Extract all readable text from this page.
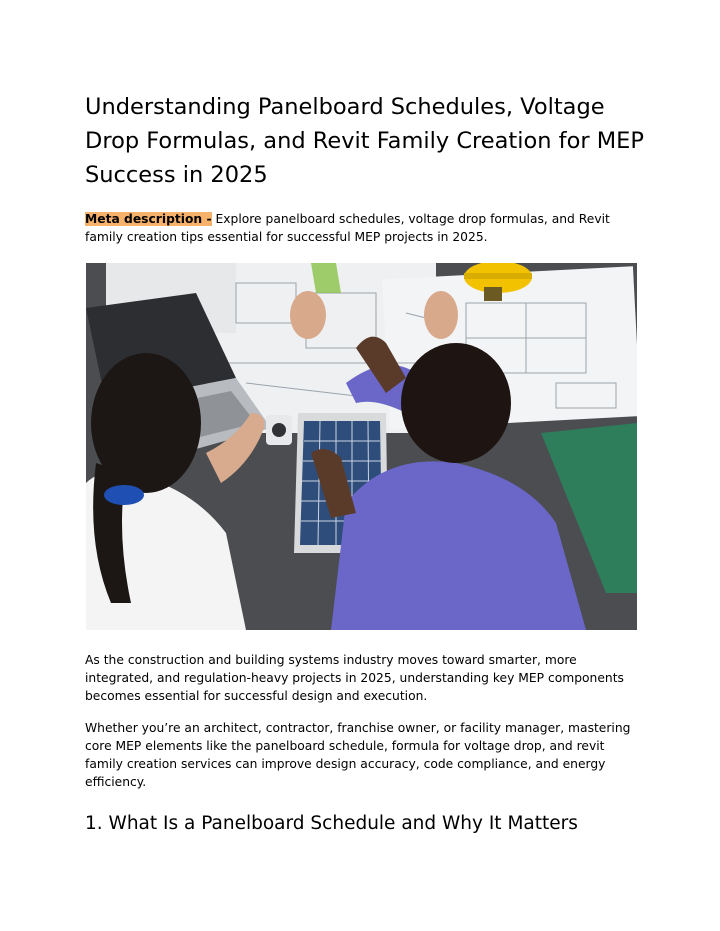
Understanding Panelboard Schedules, Voltage Drop Formulas, and Revit Family Creation for MEP Success in 2025

Meta description - Explore panelboard schedules, voltage drop formulas, and Revit family creation tips essential for successful MEP projects in 2025.

As the construction and building systems industry moves toward smarter, more integrated, and regulation-heavy projects in 2025, understanding key MEP components becomes essential for successful design and execution.

Whether you’re an architect, contractor, franchise owner, or facility manager, mastering core MEP elements like the panelboard schedule, formula for voltage drop, and revit family creation services can improve design accuracy, code compliance, and energy efficiency.

1. What Is a Panelboard Schedule and Why It Matters
